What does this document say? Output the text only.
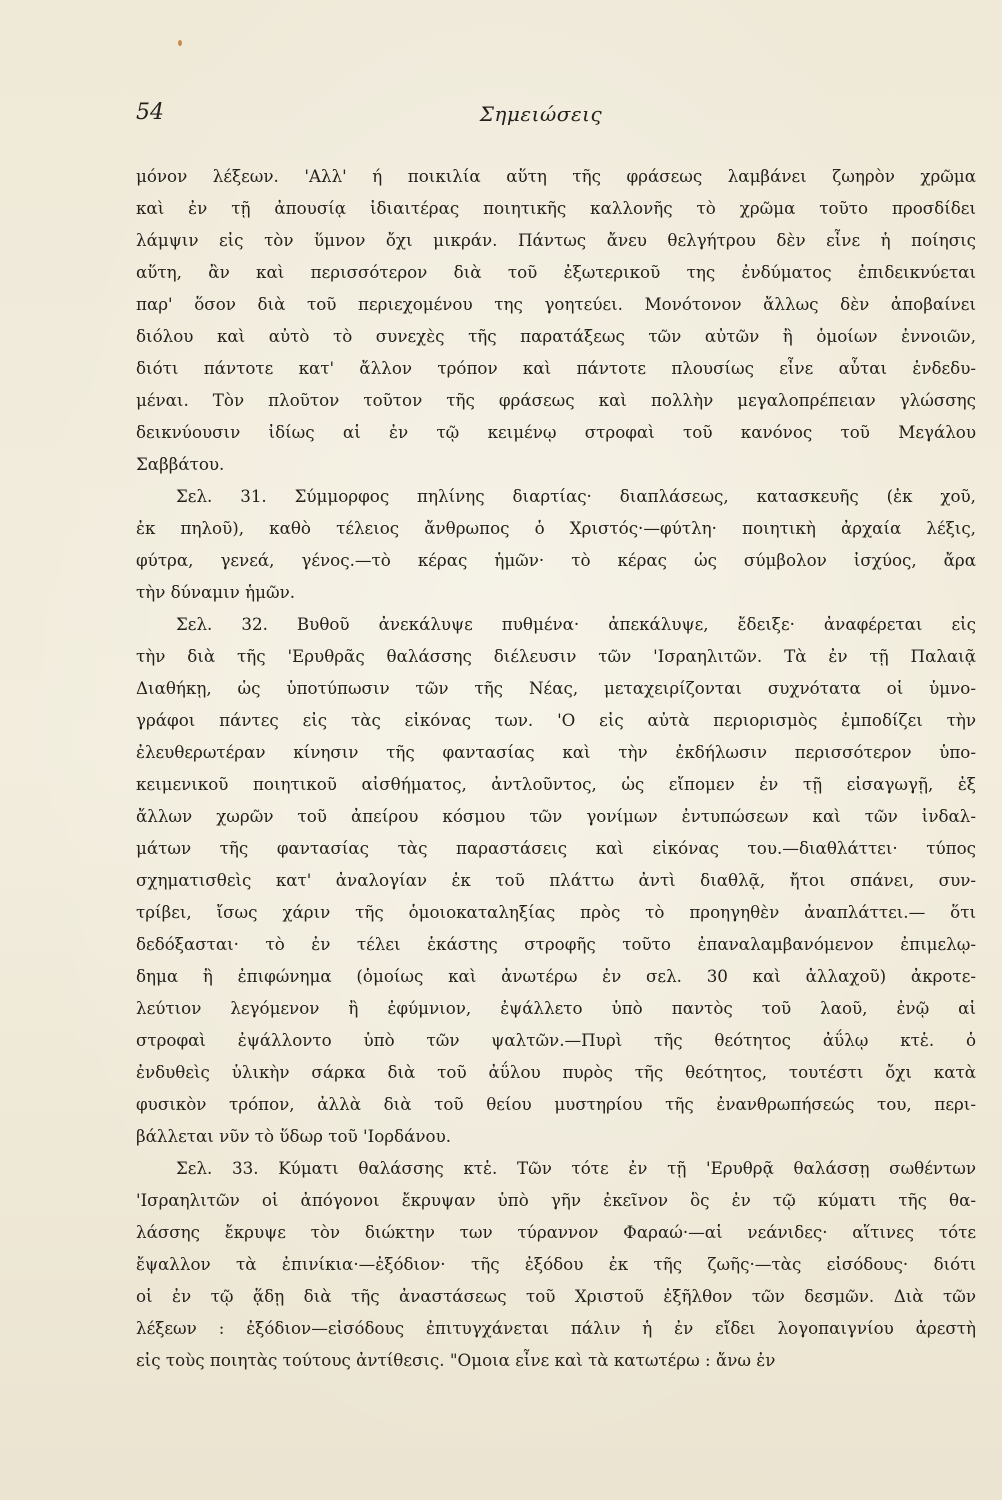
54	Σημειώσεις
μόνον λέξεων. 'Αλλ' ή ποικιλία αὕτη τῆς φράσεως λαμβάνει ζωηρὸν χρῶμα
καὶ ἐν τῇ ἀπουσίᾳ ἰδιαιτέρας ποιητικῆς καλλονῆς τὸ χρῶμα τοῦτο προσδίδει
λάμψιν εἰς τὸν ὕμνον ὄχι μικράν. Πάντως ἄνευ θελγήτρου δὲν εἶνε ἡ ποίησις
αὕτη, ἂν καὶ περισσότερον διὰ τοῦ ἐξωτερικοῦ της ἐνδύματος ἐπιδεικνύεται
παρ' ὅσον διὰ τοῦ περιεχομένου της γοητεύει. Μονότονον ἄλλως δὲν ἀποβαίνει
διόλου καὶ αὐτὸ τὸ συνεχὲς τῆς παρατάξεως τῶν αὐτῶν ἢ ὁμοίων ἐννοιῶν,
διότι πάντοτε κατ' ἄλλον τρόπον καὶ πάντοτε πλουσίως εἶνε αὗται ἐνδεδυ-
μέναι. Τὸν πλοῦτον τοῦτον τῆς φράσεως καὶ πολλὴν μεγαλοπρέπειαν γλώσσης
δεικνύουσιν ἰδίως αἱ ἐν τῷ κειμένῳ στροφαὶ τοῦ κανόνος τοῦ Μεγάλου
Σαββάτου.
Σελ. 31. Σύμμορφος πηλίνης διαρτίας· διαπλάσεως, κατασκευῆς (ἐκ χοῦ,
ἐκ πηλοῦ), καθὸ τέλειος ἄνθρωπος ὁ Χριστός·—φύτλη· ποιητικὴ ἀρχαία λέξις,
φύτρα, γενεά, γένος.—τὸ κέρας ἡμῶν· τὸ κέρας ὡς σύμβολον ἰσχύος, ἄρα
τὴν δύναμιν ἡμῶν.
Σελ. 32. Βυθοῦ ἀνεκάλυψε πυθμένα· ἀπεκάλυψε, ἔδειξε· ἀναφέρεται εἰς
τὴν διὰ τῆς 'Ερυθρᾶς θαλάσσης διέλευσιν τῶν 'Ισραηλιτῶν. Τὰ ἐν τῇ Παλαιᾷ
Διαθήκῃ, ὡς ὑποτύπωσιν τῶν τῆς Νέας, μεταχειρίζονται συχνότατα οἱ ὑμνο-
γράφοι πάντες εἰς τὰς εἰκόνας των. 'Ο εἰς αὐτὰ περιορισμὸς ἐμποδίζει τὴν
ἐλευθερωτέραν κίνησιν τῆς φαντασίας καὶ τὴν ἐκδήλωσιν περισσότερον ὑπο-
κειμενικοῦ ποιητικοῦ αἰσθήματος, ἀντλοῦντος, ὡς εἴπομεν ἐν τῇ εἰσαγωγῇ, ἐξ
ἄλλων χωρῶν τοῦ ἀπείρου κόσμου τῶν γονίμων ἐντυπώσεων καὶ τῶν ἰνδαλ-
μάτων τῆς φαντασίας τὰς παραστάσεις καὶ εἰκόνας του.—διαθλάττει· τύπος
σχηματισθεὶς κατ' ἀναλογίαν ἐκ τοῦ πλάττω ἀντὶ διαθλᾷ, ἤτοι σπάνει, συν-
τρίβει, ἴσως χάριν τῆς ὁμοιοκαταληξίας πρὸς τὸ προηγηθὲν ἀναπλάττει.— ὅτι
δεδόξασται· τὸ ἐν τέλει ἑκάστης στροφῆς τοῦτο ἐπαναλαμβανόμενον ἐπιμελῳ-
δημα ἢ ἐπιφώνημα (ὁμοίως καὶ ἀνωτέρω ἐν σελ. 30 καὶ ἀλλαχοῦ) ἀκροτε-
λεύτιον λεγόμενον ἢ ἐφύμνιον, ἐψάλλετο ὑπὸ παντὸς τοῦ λαοῦ, ἐνῷ αἱ
στροφαὶ ἐψάλλοντο ὑπὸ τῶν ψαλτῶν.—Πυρὶ τῆς θεότητος ἀΰλῳ κτἑ. ὁ
ἐνδυθεὶς ὑλικὴν σάρκα διὰ τοῦ ἀΰλου πυρὸς τῆς θεότητος, τουτέστι ὄχι κατὰ
φυσικὸν τρόπον, ἀλλὰ διὰ τοῦ θείου μυστηρίου τῆς ἐνανθρωπήσεώς του, περι-
βάλλεται νῦν τὸ ὕδωρ τοῦ 'Ιορδάνου.
Σελ. 33. Κύματι θαλάσσης κτἑ. Τῶν τότε ἐν τῇ 'Ερυθρᾷ θαλάσσῃ σωθέντων
'Ισραηλιτῶν οἱ ἀπόγονοι ἔκρυψαν ὑπὸ γῆν ἐκεῖνον ὃς ἐν τῷ κύματι τῆς θα-
λάσσης ἔκρυψε τὸν διώκτην των τύραννον Φαραώ·—αἱ νεάνιδες· αἵτινες τότε
ἔψαλλον τὰ ἐπινίκια·—ἐξόδιον· τῆς ἐξόδου ἐκ τῆς ζωῆς·—τὰς εἰσόδους· διότι
οἱ ἐν τῷ ᾅδῃ διὰ τῆς ἀναστάσεως τοῦ Χριστοῦ ἐξῆλθον τῶν δεσμῶν. Διὰ τῶν
λέξεων : ἐξόδιον—εἰσόδους ἐπιτυγχάνεται πάλιν ἡ ἐν εἴδει λογοπαιγνίου ἀρεστὴ
εἰς τοὺς ποιητὰς τούτους ἀντίθεσις. "Ομοια εἶνε καὶ τὰ κατωτέρω : ἄνω ἐν
